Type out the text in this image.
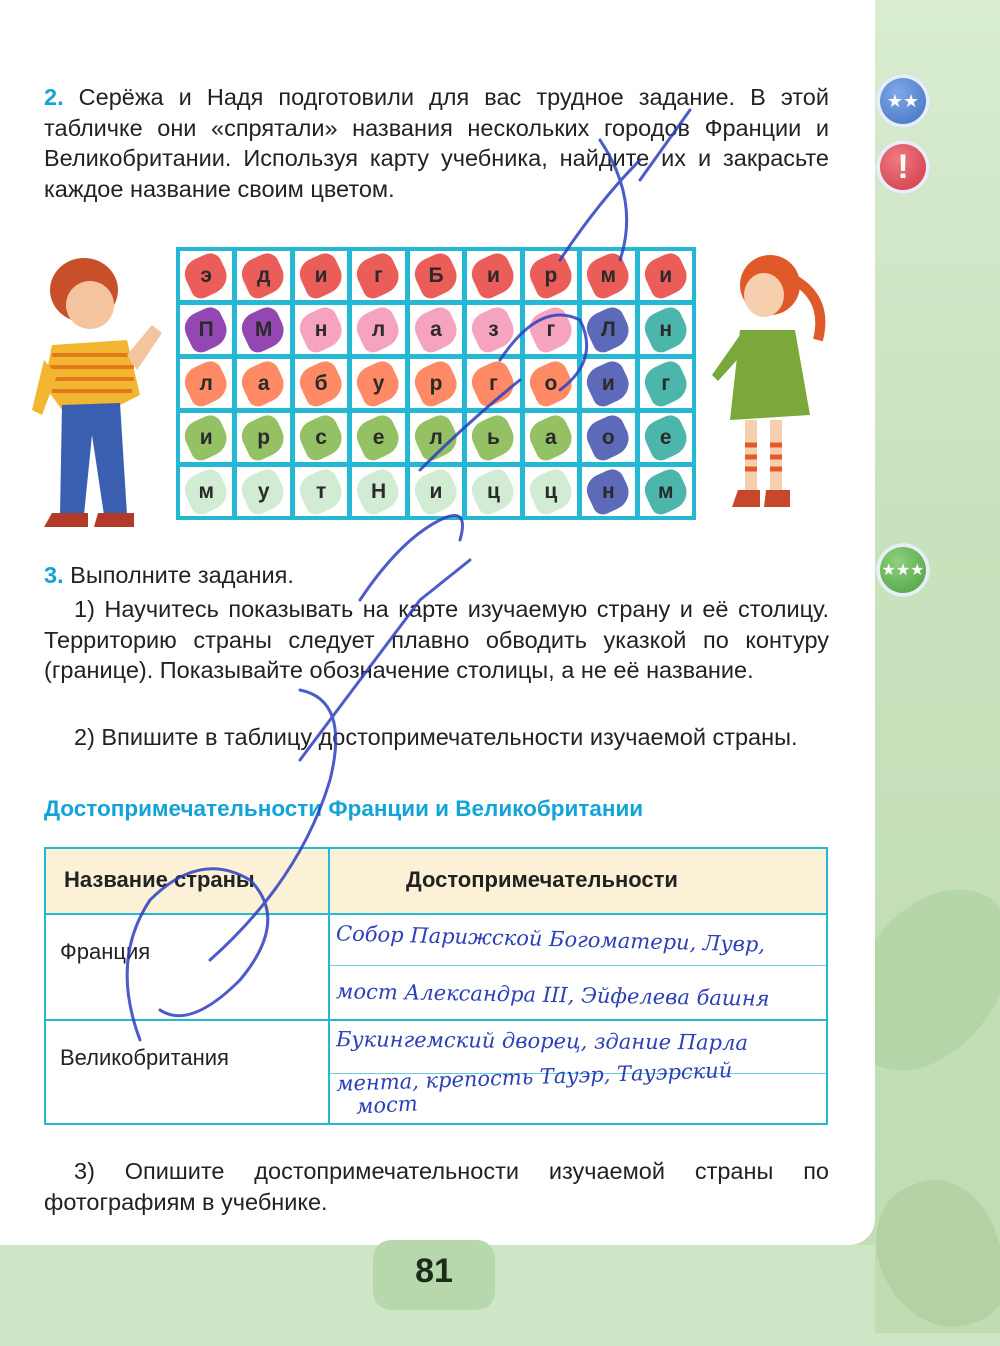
81
★★
!
★★★

2. Серёжа и Надя подготовили для вас трудное задание. В этой табличке они «спрятали» названия нескольких городов Франции и Великобритании. Используя карту учебника, найдите их и закрасьте каждое название своим цветом.

э д и г Б и р м и
П М н л а з г Л н
л а б у р г о и г
и р с е л ь а о е
м у т Н и ц ц н м

3. Выполните задания.

1) Научитесь показывать на карте изучаемую страну и её столицу. Территорию страны следует плавно обводить указкой по контуру (границе). Показывайте обозначение столицы, а не её название.

2) Впишите в таблицу достопримечательности изучаемой страны.

Достопримечательности Франции и Великобритании
Название страны	Достопримечательности
Франция
Великобритания
Собор Парижской Богоматери, Лувр,
мост Александра III, Эйфелева башня
Букингемский дворец, здание Парла
мента, крепость Тауэр, Тауэрский
мост

3) Опишите достопримечательности изучаемой страны по фотографиям в учебнике.
